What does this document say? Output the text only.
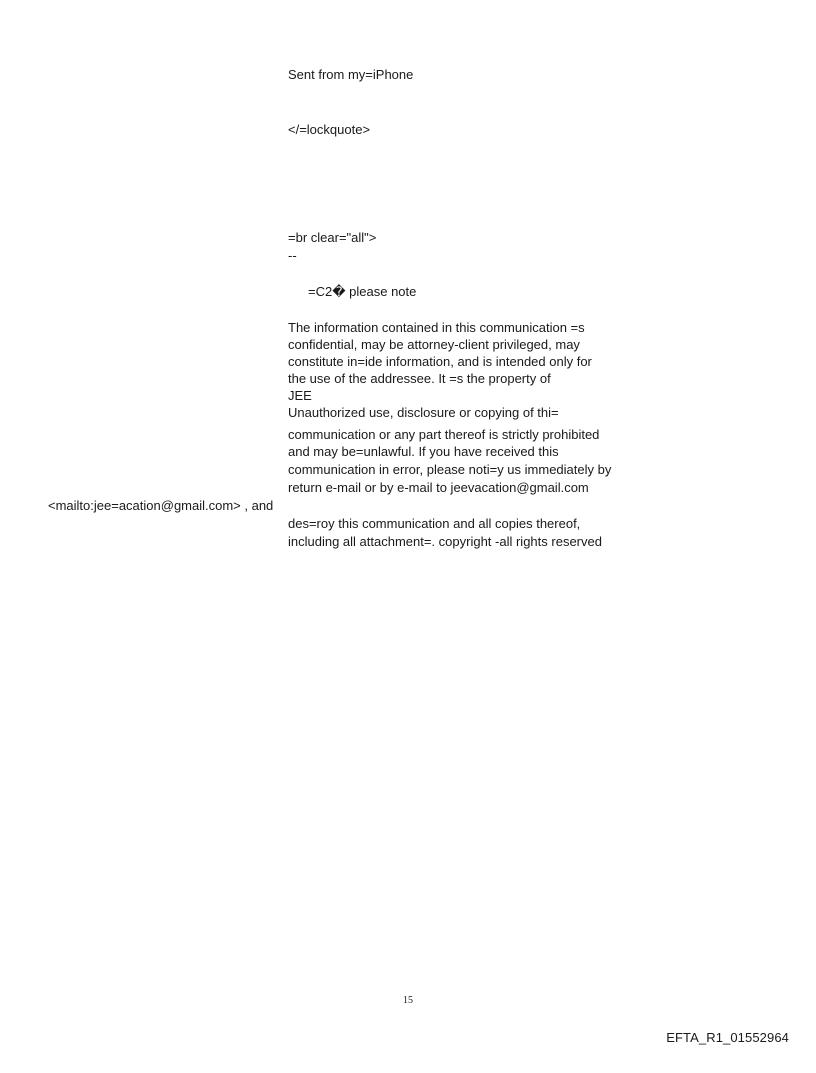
Sent from my=iPhone
</=lockquote>
=br clear="all">
--
=C2� please note
The information contained in this communication =s
confidential, may be attorney-client privileged, may
constitute in=ide information, and is intended only for
the use of the addressee. It =s the property of
JEE
Unauthorized use, disclosure or copying of thi=
communication or any part thereof is strictly prohibited
and may be=unlawful. If you have received this
communication in error, please noti=y us immediately by
return e-mail or by e-mail to jeevacation@gmail.com
<mailto:jee=acation@gmail.com> , and
des=roy this communication and all copies thereof,
including all attachment=. copyright -all rights reserved
15
EFTA_R1_01552964
